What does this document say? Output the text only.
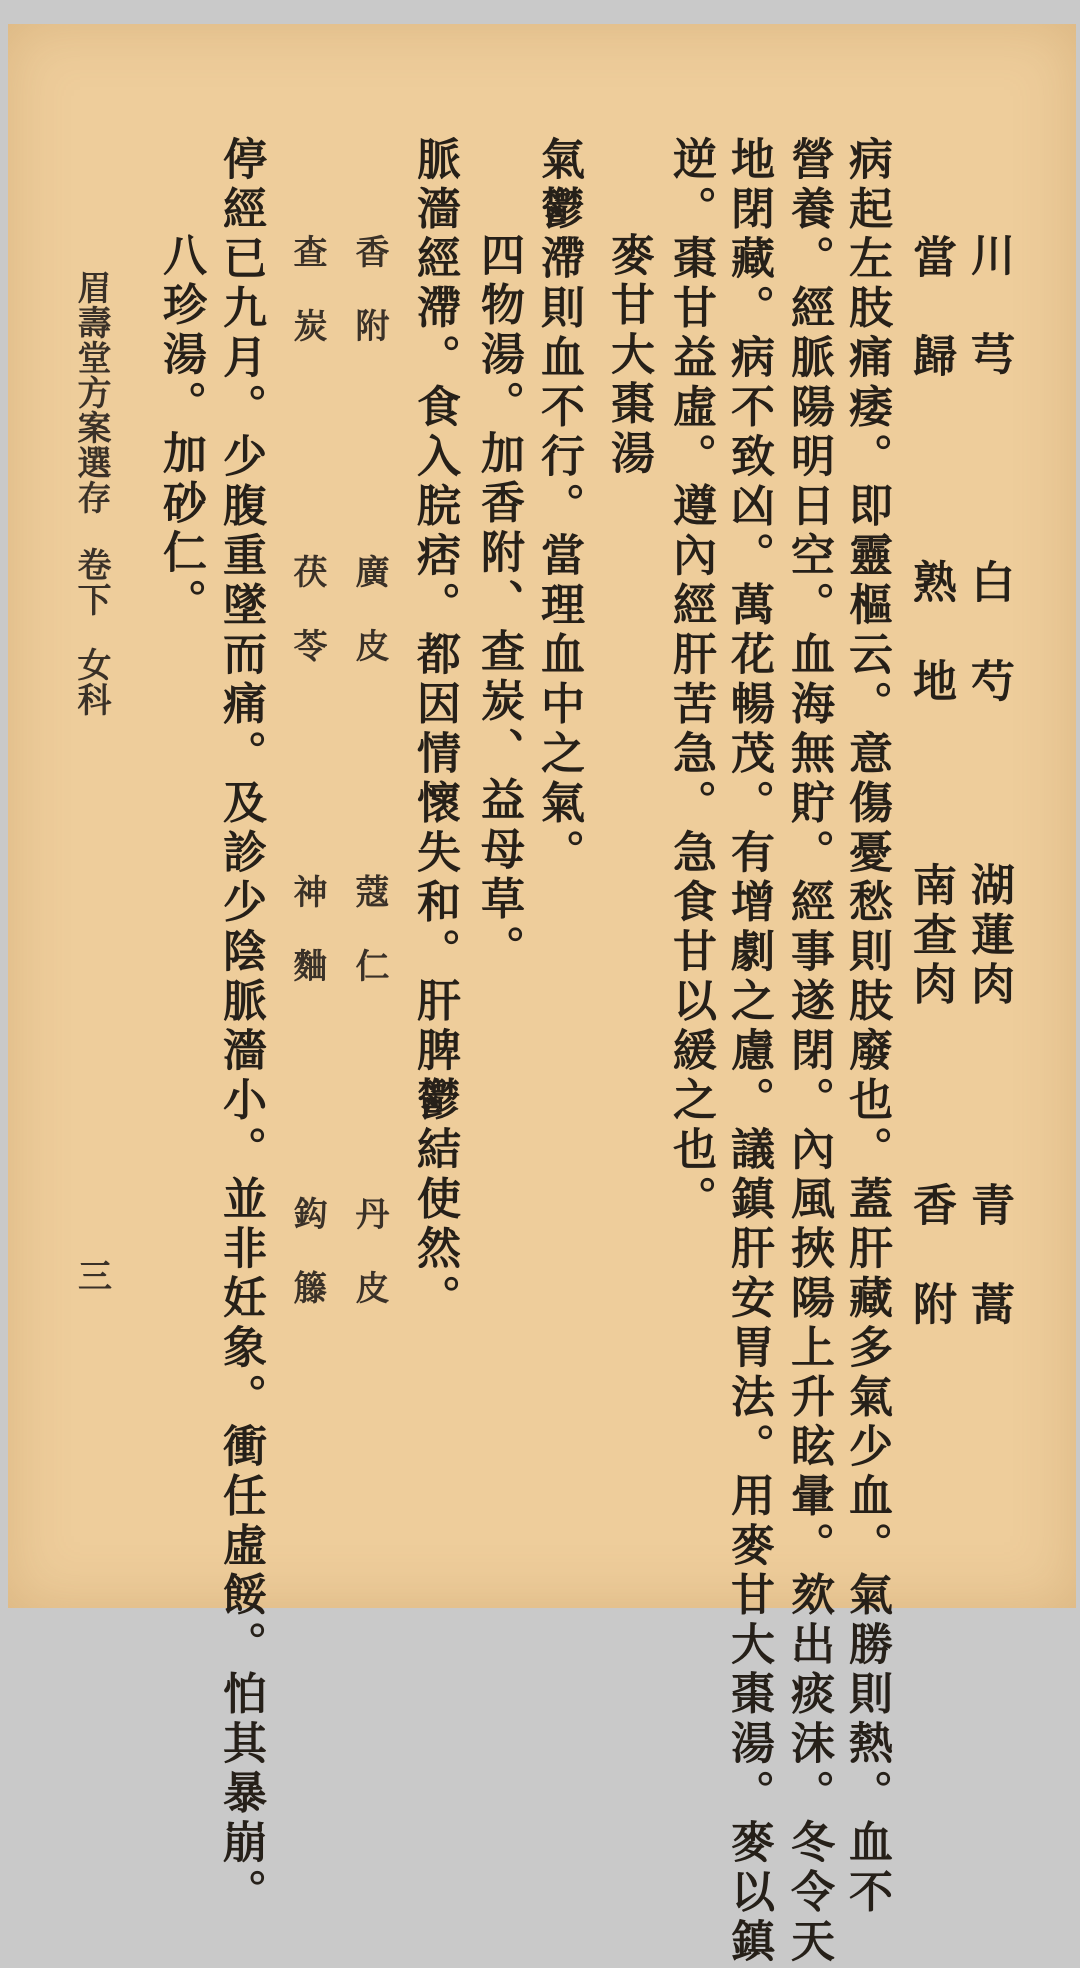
川　芎
白　芍
湖蓮肉
青　蒿
當　歸
熟　地
南查肉
香　附
病起左肢痛痿。即靈樞云。意傷憂愁則肢廢也。蓋肝藏多氣少血。氣勝則熱。血不
營養。經脈陽明日空。血海無貯。經事遂閉。內風挾陽上升眩暈。欬出痰沫。冬令天
地閉藏。病不致凶。萬花暢茂。有增劇之慮。議鎮肝安胃法。用麥甘大棗湯。麥以鎮
逆。棗甘益虛。遵內經肝苦急。急食甘以緩之也。
麥甘大棗湯
氣鬱滯則血不行。當理血中之氣。
四物湯。加香附、查炭、益母草。
脈濇經滯。食入脘痞。都因情懷失和。肝脾鬱結使然。
香　附
廣　皮
蔻　仁
丹　皮
查　炭
茯　苓
神　麯
鈎　籐
停經已九月。少腹重墜而痛。及診少陰脈濇小。並非妊象。衝任虛餒。怕其暴崩。
八珍湯。加砂仁。
眉壽堂方案選存卷下女科
三
